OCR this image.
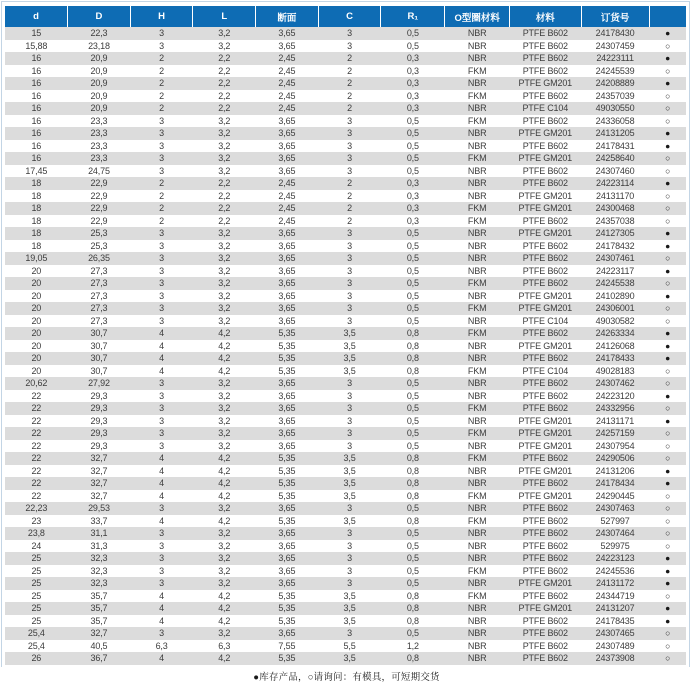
d	D	H	L	断面	C	R₁	O型圈材料	材料	订货号	
15	22,3	3	3,2	3,65	3	0,5	NBR	PTFE B602	24178430	●
15,88	23,18	3	3,2	3,65	3	0,5	NBR	PTFE B602	24307459	○
16	20,9	2	2,2	2,45	2	0,3	NBR	PTFE B602	24223111	●
16	20,9	2	2,2	2,45	2	0,3	FKM	PTFE B602	24245539	○
16	20,9	2	2,2	2,45	2	0,3	NBR	PTFE GM201	24208889	●
16	20,9	2	2,2	2,45	2	0,3	FKM	PTFE B602	24357039	○
16	20,9	2	2,2	2,45	2	0,3	NBR	PTFE C104	49030550	○
16	23,3	3	3,2	3,65	3	0,5	FKM	PTFE B602	24336058	○
16	23,3	3	3,2	3,65	3	0,5	NBR	PTFE GM201	24131205	●
16	23,3	3	3,2	3,65	3	0,5	NBR	PTFE B602	24178431	●
16	23,3	3	3,2	3,65	3	0,5	FKM	PTFE GM201	24258640	○
17,45	24,75	3	3,2	3,65	3	0,5	NBR	PTFE B602	24307460	○
18	22,9	2	2,2	2,45	2	0,3	NBR	PTFE B602	24223114	●
18	22,9	2	2,2	2,45	2	0,3	NBR	PTFE GM201	24131170	○
18	22,9	2	2,2	2,45	2	0,3	FKM	PTFE GM201	24300468	○
18	22,9	2	2,2	2,45	2	0,3	FKM	PTFE B602	24357038	○
18	25,3	3	3,2	3,65	3	0,5	NBR	PTFE GM201	24127305	●
18	25,3	3	3,2	3,65	3	0,5	NBR	PTFE B602	24178432	●
19,05	26,35	3	3,2	3,65	3	0,5	NBR	PTFE B602	24307461	○
20	27,3	3	3,2	3,65	3	0,5	NBR	PTFE B602	24223117	●
20	27,3	3	3,2	3,65	3	0,5	FKM	PTFE B602	24245538	○
20	27,3	3	3,2	3,65	3	0,5	NBR	PTFE GM201	24102890	●
20	27,3	3	3,2	3,65	3	0,5	FKM	PTFE GM201	24306001	○
20	27,3	3	3,2	3,65	3	0,5	NBR	PTFE C104	49030582	○
20	30,7	4	4,2	5,35	3,5	0,8	FKM	PTFE B602	24263334	●
20	30,7	4	4,2	5,35	3,5	0,8	NBR	PTFE GM201	24126068	●
20	30,7	4	4,2	5,35	3,5	0,8	NBR	PTFE B602	24178433	●
20	30,7	4	4,2	5,35	3,5	0,8	FKM	PTFE C104	49028183	○
20,62	27,92	3	3,2	3,65	3	0,5	NBR	PTFE B602	24307462	○
22	29,3	3	3,2	3,65	3	0,5	NBR	PTFE B602	24223120	●
22	29,3	3	3,2	3,65	3	0,5	FKM	PTFE B602	24332956	○
22	29,3	3	3,2	3,65	3	0,5	NBR	PTFE GM201	24131171	●
22	29,3	3	3,2	3,65	3	0,5	FKM	PTFE GM201	24257159	○
22	29,3	3	3,2	3,65	3	0,5	NBR	PTFE GM201	24307954	○
22	32,7	4	4,2	5,35	3,5	0,8	FKM	PTFE B602	24290506	○
22	32,7	4	4,2	5,35	3,5	0,8	NBR	PTFE GM201	24131206	●
22	32,7	4	4,2	5,35	3,5	0,8	NBR	PTFE B602	24178434	●
22	32,7	4	4,2	5,35	3,5	0,8	FKM	PTFE GM201	24290445	○
22,23	29,53	3	3,2	3,65	3	0,5	NBR	PTFE B602	24307463	○
23	33,7	4	4,2	5,35	3,5	0,8	FKM	PTFE B602	527997	○
23,8	31,1	3	3,2	3,65	3	0,5	NBR	PTFE B602	24307464	○
24	31,3	3	3,2	3,65	3	0,5	NBR	PTFE B602	529975	○
25	32,3	3	3,2	3,65	3	0,5	NBR	PTFE B602	24223123	●
25	32,3	3	3,2	3,65	3	0,5	FKM	PTFE B602	24245536	●
25	32,3	3	3,2	3,65	3	0,5	NBR	PTFE GM201	24131172	●
25	35,7	4	4,2	5,35	3,5	0,8	FKM	PTFE B602	24344719	○
25	35,7	4	4,2	5,35	3,5	0,8	NBR	PTFE GM201	24131207	●
25	35,7	4	4,2	5,35	3,5	0,8	NBR	PTFE B602	24178435	●
25,4	32,7	3	3,2	3,65	3	0,5	NBR	PTFE B602	24307465	○
25,4	40,5	6,3	6,3	7,55	5,5	1,2	NBR	PTFE B602	24307489	○
26	36,7	4	4,2	5,35	3,5	0,8	NBR	PTFE B602	24373908	○
●库存产品，○请询问：有模具，可短期交货
